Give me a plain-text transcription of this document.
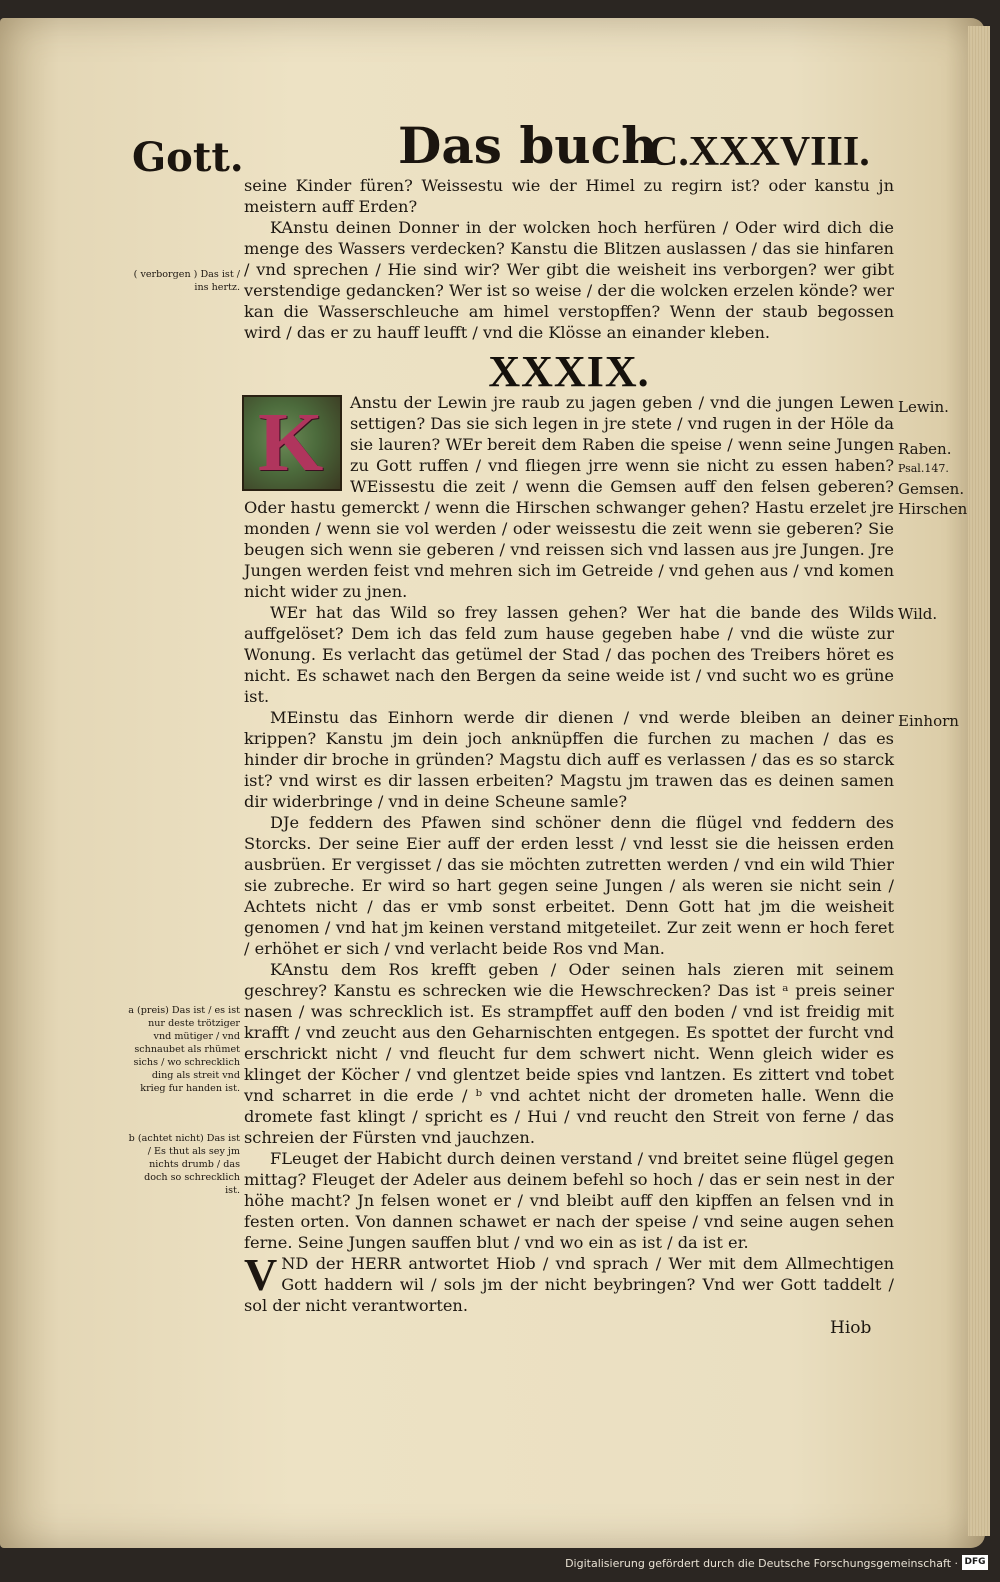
Gott.	Das buch
C.XXXVIII.

seine Kinder füren? Weissestu wie der Himel zu regirn ist? oder kanstu jn meistern auff Erden?

KAnstu deinen Donner in der wolcken hoch herfüren / Oder wird dich die menge des Wassers verdecken? Kanstu die Blitzen auslassen / das sie hinfaren / vnd sprechen / Hie sind wir? Wer gibt die weisheit ins verborgen? wer gibt verstendige gedancken? Wer ist so weise / der die wolcken erzelen könde? wer kan die Wasserschleuche am himel verstopffen? Wenn der staub begossen wird / das er zu hauff leufft / vnd die Klösse an einander kleben.

XXXIX.
K	Anstu der Lewin jre raub zu jagen geben / vnd die jungen Lewen settigen? Das sie sich legen in jre stete / vnd rugen in der Höle da sie lauren? WEr bereit dem Raben die speise / wenn seine Jungen zu Gott ruffen / vnd fliegen jrre wenn sie nicht zu essen haben? WEissestu die zeit / wenn die Gemsen auff den felsen geberen? Oder hastu gemerckt / wenn die Hirschen schwanger gehen? Hastu erzelet jre monden / wenn sie vol werden / oder weissestu die zeit wenn sie geberen? Sie beugen sich wenn sie geberen / vnd reissen sich vnd lassen aus jre Jungen. Jre Jungen werden feist vnd mehren sich im Getreide / vnd gehen aus / vnd komen nicht wider zu jnen.

WEr hat das Wild so frey lassen gehen? Wer hat die bande des Wilds auffgelöset? Dem ich das feld zum hause gegeben habe / vnd die wüste zur Wonung. Es verlacht das getümel der Stad / das pochen des Treibers höret es nicht. Es schawet nach den Bergen da seine weide ist / vnd sucht wo es grüne ist.

MEinstu das Einhorn werde dir dienen / vnd werde bleiben an deiner krippen? Kanstu jm dein joch anknüpffen die furchen zu machen / das es hinder dir broche in gründen? Magstu dich auff es verlassen / das es so starck ist? vnd wirst es dir lassen erbeiten? Magstu jm trawen das es deinen samen dir widerbringe / vnd in deine Scheune samle?

DJe feddern des Pfawen sind schöner denn die flügel vnd feddern des Storcks. Der seine Eier auff der erden lesst / vnd lesst sie die heissen erden ausbrüen. Er vergisset / das sie möchten zutretten werden / vnd ein wild Thier sie zubreche. Er wird so hart gegen seine Jungen / als weren sie nicht sein / Achtets nicht / das er vmb sonst erbeitet. Denn Gott hat jm die weisheit genomen / vnd hat jm keinen verstand mitgeteilet. Zur zeit wenn er hoch feret / erhöhet er sich / vnd verlacht beide Ros vnd Man.

KAnstu dem Ros krefft geben / Oder seinen hals zieren mit seinem geschrey? Kanstu es schrecken wie die Hewschrecken? Das ist ᵃ preis seiner nasen / was schrecklich ist. Es strampffet auff den boden / vnd ist freidig mit krafft / vnd zeucht aus den Geharnischten entgegen. Es spottet der furcht vnd erschrickt nicht / vnd fleucht fur dem schwert nicht. Wenn gleich wider es klinget der Köcher / vnd glentzet beide spies vnd lantzen. Es zittert vnd tobet vnd scharret in die erde / ᵇ vnd achtet nicht der drometen halle. Wenn die dromete fast klingt / spricht es / Hui / vnd reucht den Streit von ferne / das schreien der Fürsten vnd jauchzen.

FLeuget der Habicht durch deinen verstand / vnd breitet seine flügel gegen mittag? Fleuget der Adeler aus deinem befehl so hoch / das er sein nest in der höhe macht? Jn felsen wonet er / vnd bleibt auff den kipffen an felsen vnd in festen orten. Von dannen schawet er nach der speise / vnd seine augen sehen ferne. Seine Jungen sauffen blut / vnd wo ein as ist / da ist er.

VND der HERR antwortet Hiob / vnd sprach / Wer mit dem Allmechtigen Gott haddern wil / sols jm der nicht beybringen? Vnd wer Gott taddelt / sol der nicht verantworten.

( verborgen ) Das ist / ins hertz.
a (preis) Das ist / es ist nur deste trötziger vnd mütiger / vnd schnaubet als rhümet sichs / wo schrecklich ding als streit vnd krieg fur handen ist.
b (achtet nicht) Das ist / Es thut als sey jm nichts drumb / das doch so schrecklich ist.
Lewin.
Raben.
Psal.147.
Gemsen.
Hirschen
Wild.
Einhorn
Hiob
Digitalisierung gefördert durch die Deutsche Forschungsgemeinschaft · DFG
